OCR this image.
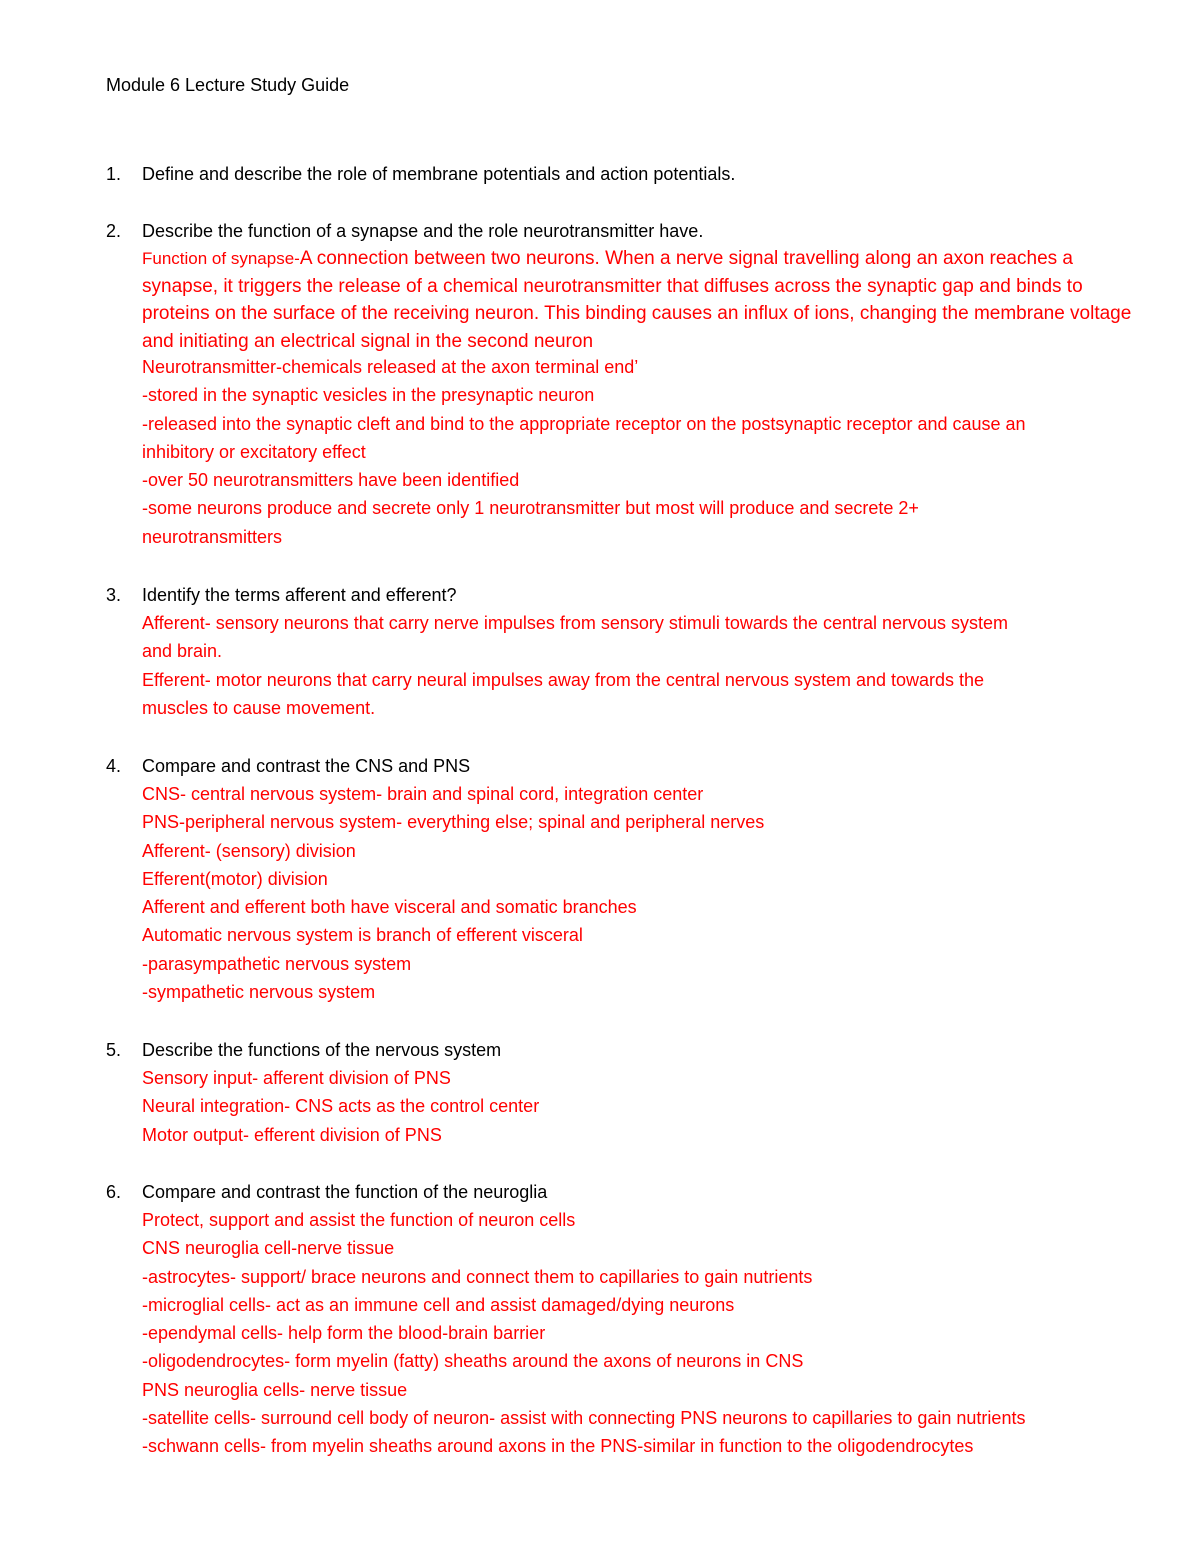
Module 6 Lecture Study Guide
1. Define and describe the role of membrane potentials and action potentials.
2. Describe the function of a synapse and the role neurotransmitter have.
Function of synapse-A connection between two neurons. When a nerve signal travelling along an axon reaches a synapse, it triggers the release of a chemical neurotransmitter that diffuses across the synaptic gap and binds to proteins on the surface of the receiving neuron. This binding causes an influx of ions, changing the membrane voltage and initiating an electrical signal in the second neuron
Neurotransmitter-chemicals released at the axon terminal end’
-stored in the synaptic vesicles in the presynaptic neuron
-released into the synaptic cleft and bind to the appropriate receptor on the postsynaptic receptor and cause an
inhibitory or excitatory effect
-over 50 neurotransmitters have been identified
-some neurons produce and secrete only 1 neurotransmitter but most will produce and secrete 2+
neurotransmitters
3. Identify the terms afferent and efferent?
Afferent- sensory neurons that carry nerve impulses from sensory stimuli towards the central nervous system
and brain.
Efferent- motor neurons that carry neural impulses away from the central nervous system and towards the
muscles to cause movement.
4. Compare and contrast the CNS and PNS
CNS- central nervous system- brain and spinal cord, integration center
PNS-peripheral nervous system- everything else; spinal and peripheral nerves
Afferent- (sensory) division
Efferent(motor) division
Afferent and efferent both have visceral and somatic branches
Automatic nervous system is branch of efferent visceral
-parasympathetic nervous system
-sympathetic nervous system
5. Describe the functions of the nervous system
Sensory input- afferent division of PNS
Neural integration- CNS acts as the control center
Motor output- efferent division of PNS
6. Compare and contrast the function of the neuroglia
Protect, support and assist the function of neuron cells
CNS neuroglia cell-nerve tissue
-astrocytes- support/ brace neurons and connect them to capillaries to gain nutrients
-microglial cells- act as an immune cell and assist damaged/dying neurons
-ependymal cells- help form the blood-brain barrier
-oligodendrocytes- form myelin (fatty) sheaths around the axons of neurons in CNS
PNS neuroglia cells- nerve tissue
-satellite cells- surround cell body of neuron- assist with connecting PNS neurons to capillaries to gain nutrients
-schwann cells- from myelin sheaths around axons in the PNS-similar in function to the oligodendrocytes
